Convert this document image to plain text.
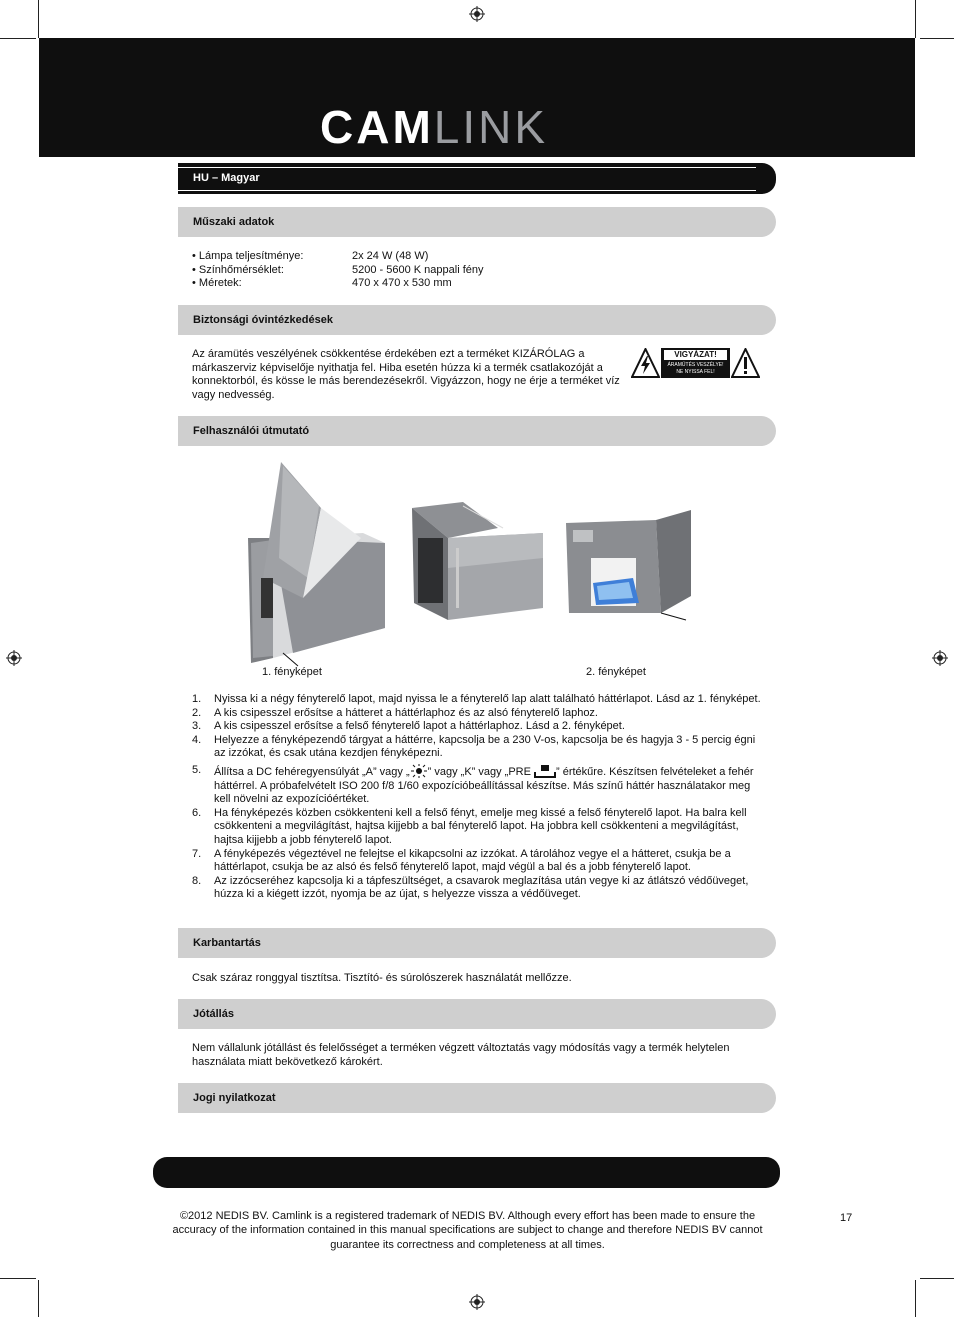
CAMLINK
HU – Magyar
Műszaki adatok
• Lámpa teljesítménye:	2x 24 W (48 W)
• Színhőmérséklet:	5200 - 5600 K nappali fény
• Méretek:	470 x 470 x 530 mm
Biztonsági óvintézkedések
Az áramütés veszélyének csökkentése érdekében ezt a terméket KIZÁRÓLAG a márkaszerviz képviselője nyithatja fel. Hiba esetén húzza ki a termék csatlakozóját a konnektorból, és kösse le más berendezésekről. Vigyázzon, hogy ne érje a terméket víz vagy nedvesség.
VIGYÁZAT!
ÁRAMÜTÉS VESZÉLYE!
NE NYISSA FEL!
Felhasználói útmutató
1. fényképet	2. fényképet
1. Nyissa ki a négy fényterelő lapot, majd nyissa le a fényterelő lap alatt található háttérlapot. Lásd az 1. fényképet.
2. A kis csipesszel erősítse a hátteret a háttérlaphoz és az alsó fényterelő laphoz.
3. A kis csipesszel erősítse a felső fényterelő lapot a háttérlaphoz. Lásd a 2. fényképet.
4. Helyezze a fényképezendő tárgyat a háttérre, kapcsolja be a 230 V-os, kapcsolja be és hagyja 3 - 5 percig égni az izzókat, és csak utána kezdjen fényképezni.
5. Állítsa a DC fehéregyensúlyát „A” vagy „ ” vagy „K” vagy „PRE ” értékűre. Készítsen felvételeket a fehér háttérrel. A próbafelvételt ISO 200 f/8 1/60 expozícióbeállítással készítse. Más színű háttér használatakor meg kell növelni az expozícióértéket.
6. Ha fényképezés közben csökkenteni kell a felső fényt, emelje meg kissé a felső fényterelő lapot. Ha balra kell csökkenteni a megvilágítást, hajtsa kijjebb a bal fényterelő lapot. Ha jobbra kell csökkenteni a megvilágítást, hajtsa kijjebb a jobb fényterelő lapot.
7. A fényképezés végeztével ne felejtse el kikapcsolni az izzókat. A tárolához vegye el a hátteret, csukja be a háttérlapot, csukja be az alsó és felső fényterelő lapot, majd végül a bal és a jobb fényterelő lapot.
8. Az izzócseréhez kapcsolja ki a tápfeszültséget, a csavarok meglazítása után vegye ki az átlátszó védőüveget, húzza ki a kiégett izzót, nyomja be az újat, s helyezze vissza a védőüveget.
Karbantartás
Csak száraz ronggyal tisztítsa. Tisztító- és súrolószerek használatát mellőzze.
Jótállás
Nem vállalunk jótállást és felelősséget a terméken végzett változtatás vagy módosítás vagy a termék helytelen használata miatt bekövetkező károkért.
Jogi nyilatkozat
©2012 NEDIS BV. Camlink is a registered trademark of NEDIS BV. Although every effort has been made to ensure the accuracy of the information contained in this manual specifications are subject to change and therefore NEDIS BV cannot guarantee its correctness and completeness at all times.
17
